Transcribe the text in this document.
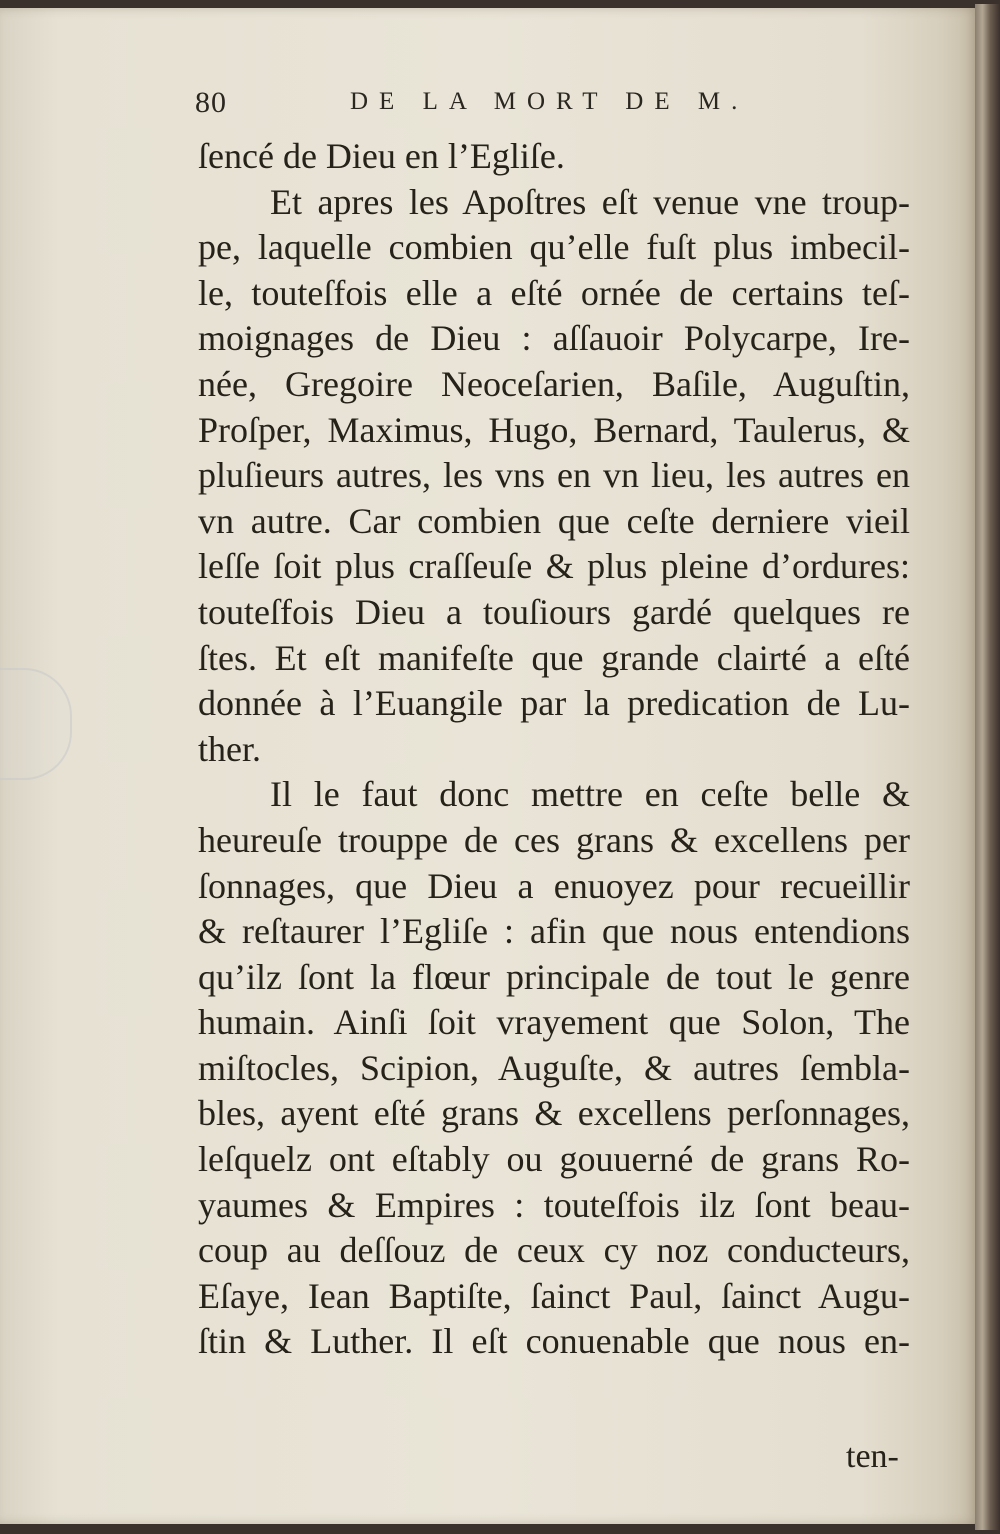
80	DE LA MORT DE M.
ſencé de Dieu en l’Egliſe.
Et apres les Apoſtres eſt venue vne troup-
pe, laquelle combien qu’elle fuſt plus imbecil-
le, touteſfois elle a eſté ornée de certains teſ-
moignages de Dieu : aſſauoir Polycarpe, Ire-
née, Gregoire Neoceſarien, Baſile, Auguſtin,
Proſper, Maximus, Hugo, Bernard, Taulerus, &
pluſieurs autres, les vns en vn lieu, les autres en
vn autre. Car combien que ceſte derniere vieil
leſſe ſoit plus craſſeuſe & plus pleine d’ordures:
touteſfois Dieu a touſiours gardé quelques re
ſtes. Et eſt manifeſte que grande clairté a eſté
donnée à l’Euangile par la predication de Lu-
ther.
Il le faut donc mettre en ceſte belle &
heureuſe trouppe de ces grans & excellens per
ſonnages, que Dieu a enuoyez pour recueillir
& reſtaurer l’Egliſe : afin que nous entendions
qu’ilz ſont la flœur principale de tout le genre
humain. Ainſi ſoit vrayement que Solon, The
miſtocles, Scipion, Auguſte, & autres ſembla-
bles, ayent eſté grans & excellens perſonnages,
leſquelz ont eſtably ou gouuerné de grans Ro-
yaumes & Empires : touteſfois ilz ſont beau-
coup au deſſouz de ceux cy noz conducteurs,
Eſaye, Iean Baptiſte, ſainct Paul, ſainct Augu-
ſtin & Luther. Il eſt conuenable que nous en-
ten-
